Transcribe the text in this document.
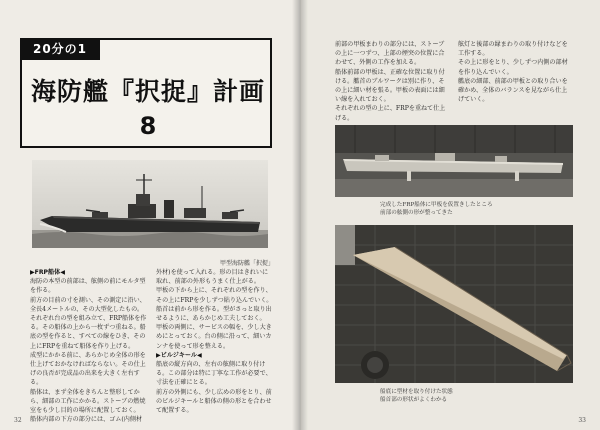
20分の1
海防艦『択捉』計画
8
甲型海防艦「択捉」

▶FRP船体◀

海防の本型の前部は、舷側の前にモルタ型を作る。

前方の目前の寸を測い、その測定に沿い、全長4メートルの、その大型化したもの。それぞれ台の型を組み立て、FRP船体を作る。その船体の上から一枚ずつ重ねる。船底の型を作ると、すべての線をひき、その上にFRPを重ねて船体を作り上げる。

成型にかかる前に、あらかじめ全体の形を仕上げておかなければならない。その仕上げの良否が完成品の出来を大きく左右する。

船体は、まず全体をきちんと整形してから、細部の工作にかかる。ストーブの燃焼室をも少し目的の場所に配置しておく。

船体内部の下方の部分には、ゴム(内側材

外材)を使って入れる。形の目はきれいに取れ、前部の外形もうまく仕上がる。

甲板の下から上に、それぞれの型を作り、その上にFRPを少しずつ貼り込んでいく。船首は前から形を作る。型がさっと取り出せるように、あらかじめ工夫しておく。

甲板の両側に、サービスの幅を、少し大きめにとっておく。台の側に沿って、細いカンナを使って形を整える。

▶ビルジキール◀

船底の縦方向の、左右の舷側に取り付ける。この部分は特に丁寧な工作が必要で、寸法を正確にとる。

前方の外側にも、少し広めの形をとり、前のビルジキールと船体の側の形とを合わせて配置する。

32

前部の甲板まわりの部分には、ストーブの上に一つずつ、上部の煙突の位置に合わせて、外側の工作を加える。

船体前部の甲板は、正確な位置に取り付ける。艦首のブルワークは別に作り、その上に細い材を張る。甲板の表面には細い線を入れておく。

それぞれの型の上に、FRPを重ねて仕上げる。

舷灯と後部の縁まわりの取り付けなどを工作する。

その上に形をとり、少しずつ内側の部材を作り込んでいく。

艦底の細部、前部の甲板との取り合いを確かめ、全体のバランスを見ながら仕上げていく。

33
完成したFRP船体に甲板を仮置きしたところ
前部の舷側の形が整ってきた
船底に型材を取り付けた状態
船首部の形状がよくわかる
